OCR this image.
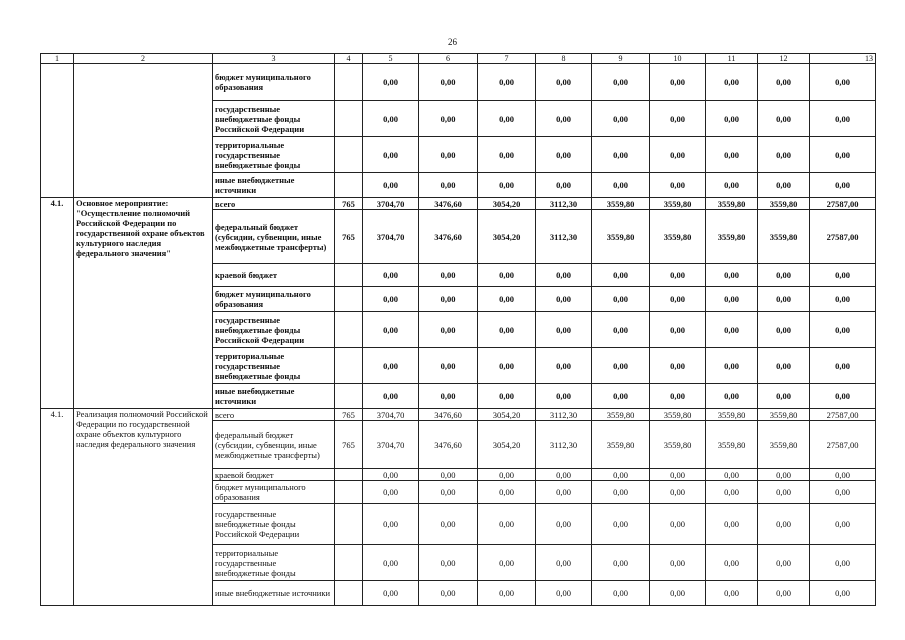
26
1	2	3	4	5	6	7	8	9	10	11	12	13
		бюджет муниципального образования		0,00	0,00	0,00	0,00	0,00	0,00	0,00	0,00	0,00
		государственные внебюджетные фонды Российской Федерации		0,00	0,00	0,00	0,00	0,00	0,00	0,00	0,00	0,00
		территориальные государственные внебюджетные фонды		0,00	0,00	0,00	0,00	0,00	0,00	0,00	0,00	0,00
		иные внебюджетные источники		0,00	0,00	0,00	0,00	0,00	0,00	0,00	0,00	0,00
4.1.	Основное мероприятие: "Осуществление полномочий Российской Федерации по государственной охране объектов культурного наследия федерального значения"	всего	765	3704,70	3476,60	3054,20	3112,30	3559,80	3559,80	3559,80	3559,80	27587,00
		федеральный бюджет (субсидии, субвенции, иные межбюджетные трансферты)	765	3704,70	3476,60	3054,20	3112,30	3559,80	3559,80	3559,80	3559,80	27587,00
		краевой бюджет		0,00	0,00	0,00	0,00	0,00	0,00	0,00	0,00	0,00
		бюджет муниципального образования		0,00	0,00	0,00	0,00	0,00	0,00	0,00	0,00	0,00
		государственные внебюджетные фонды Российской Федерации		0,00	0,00	0,00	0,00	0,00	0,00	0,00	0,00	0,00
		территориальные государственные внебюджетные фонды		0,00	0,00	0,00	0,00	0,00	0,00	0,00	0,00	0,00
		иные внебюджетные источники		0,00	0,00	0,00	0,00	0,00	0,00	0,00	0,00	0,00
4.1.	Реализация полномочий Российской Федерации по государственной охране объектов культурного наследия федерального значения	всего	765	3704,70	3476,60	3054,20	3112,30	3559,80	3559,80	3559,80	3559,80	27587,00
		федеральный бюджет (субсидии, субвенции, иные межбюджетные трансферты)	765	3704,70	3476,60	3054,20	3112,30	3559,80	3559,80	3559,80	3559,80	27587,00
		краевой бюджет		0,00	0,00	0,00	0,00	0,00	0,00	0,00	0,00	0,00
		бюджет муниципального образования		0,00	0,00	0,00	0,00	0,00	0,00	0,00	0,00	0,00
		государственные внебюджетные фонды Российской Федерации		0,00	0,00	0,00	0,00	0,00	0,00	0,00	0,00	0,00
		территориальные государственные внебюджетные фонды		0,00	0,00	0,00	0,00	0,00	0,00	0,00	0,00	0,00
		иные внебюджетные источники		0,00	0,00	0,00	0,00	0,00	0,00	0,00	0,00	0,00
